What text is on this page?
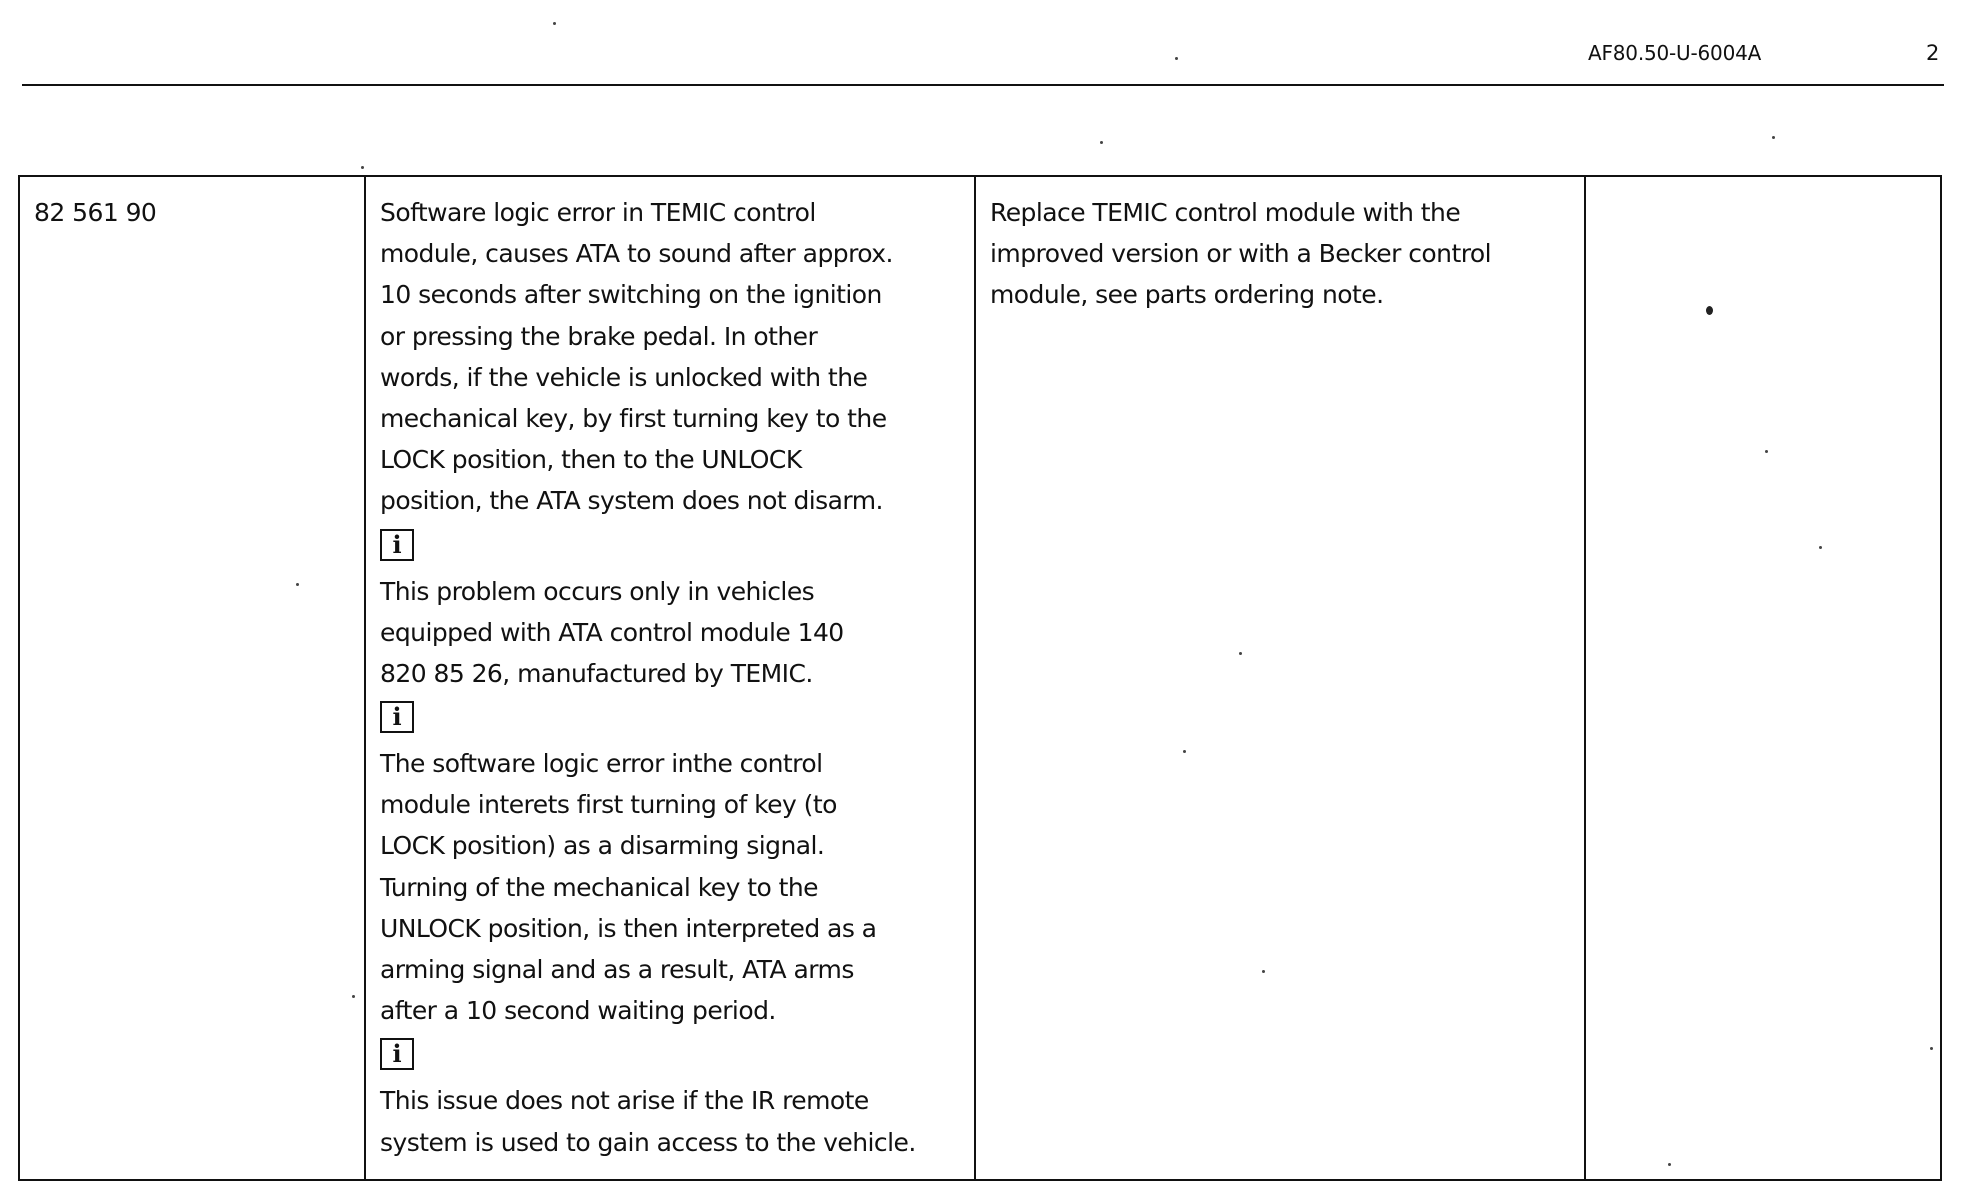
AF80.50-U-6004A	2
82 561 90	Software logic error in TEMIC control
module, causes ATA to sound after approx.
10 seconds after switching on the ignition
or pressing the brake pedal. In other
words, if the vehicle is unlocked with the
mechanical key, by first turning key to the
LOCK position, then to the UNLOCK
position, the ATA system does not disarm.
i
This problem occurs only in vehicles
equipped with ATA control module 140
820 85 26, manufactured by TEMIC.
i
The software logic error inthe control
module interets first turning of key (to
LOCK position) as a disarming signal.
Turning of the mechanical key to the
UNLOCK position, is then interpreted as a
arming signal and as a result, ATA arms
after a 10 second waiting period.
i
This issue does not arise if the IR remote
system is used to gain access to the vehicle.
Replace TEMIC control module with the
improved version or with a Becker control
module, see parts ordering note.
